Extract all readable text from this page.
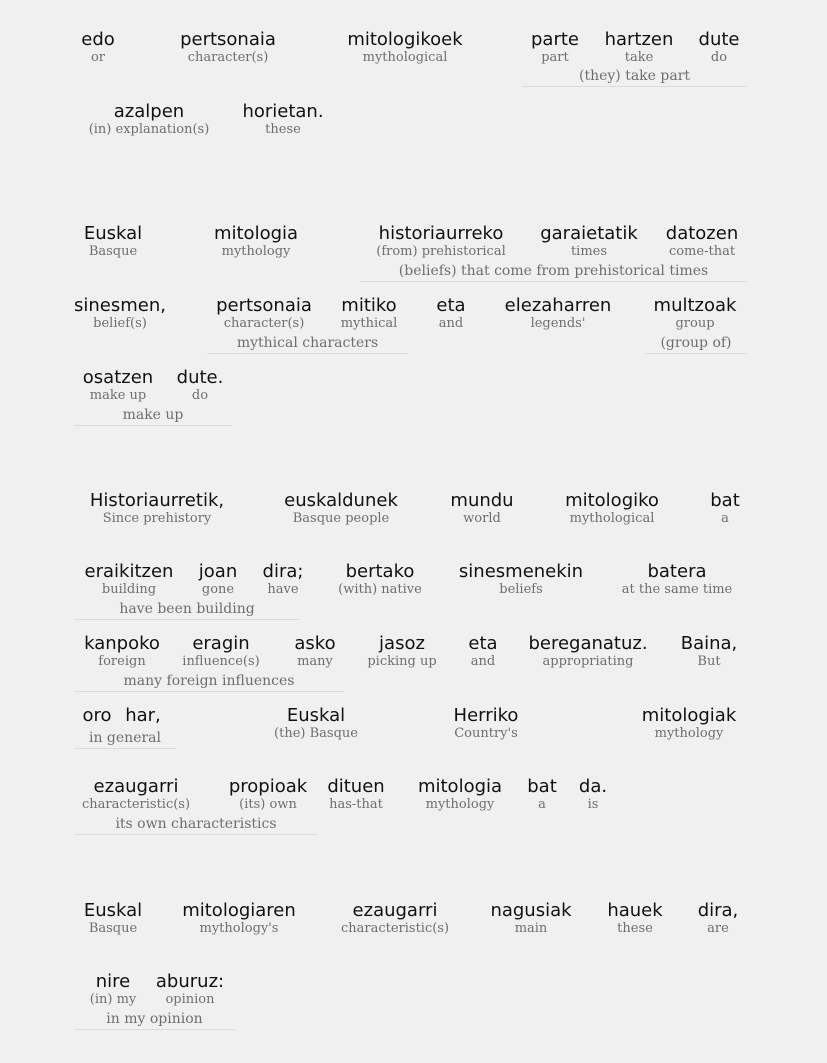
edo
or
pertsonaia
character(s)
mitologikoek
mythological
parte
part
hartzen
take
dute
do
(they) take part
azalpen
(in) explanation(s)
horietan.
these
Euskal
Basque
mitologia
mythology
historiaurreko
(from) prehistorical
garaietatik
times
datozen
come-that
(beliefs) that come from prehistorical times
sinesmen,
belief(s)
pertsonaia
character(s)
mitiko
mythical
eta
and
elezaharren
legends'
multzoak
group
mythical characters	(group of)
osatzen
make up
dute.
do
make up
Historiaurretik,
Since prehistory
euskaldunek
Basque people
mundu
world
mitologiko
mythological
bat
a
eraikitzen
building
joan
gone
dira;
have
bertako
(with) native
sinesmenekin
beliefs
batera
at the same time
have been building
kanpoko
foreign
eragin
influence(s)
asko
many
jasoz
picking up
eta
and
bereganatuz.
appropriating
Baina,
But
many foreign influences
oro har,	Euskal
(the) Basque
Herriko
Country's
mitologiak
mythology
in general
ezaugarri
characteristic(s)
propioak
(its) own
dituen
has-that
mitologia
mythology
bat
a
da.
is
its own characteristics
Euskal
Basque
mitologiaren
mythology's
ezaugarri
characteristic(s)
nagusiak
main
hauek
these
dira,
are
nire
(in) my
aburuz:
opinion
in my opinion
